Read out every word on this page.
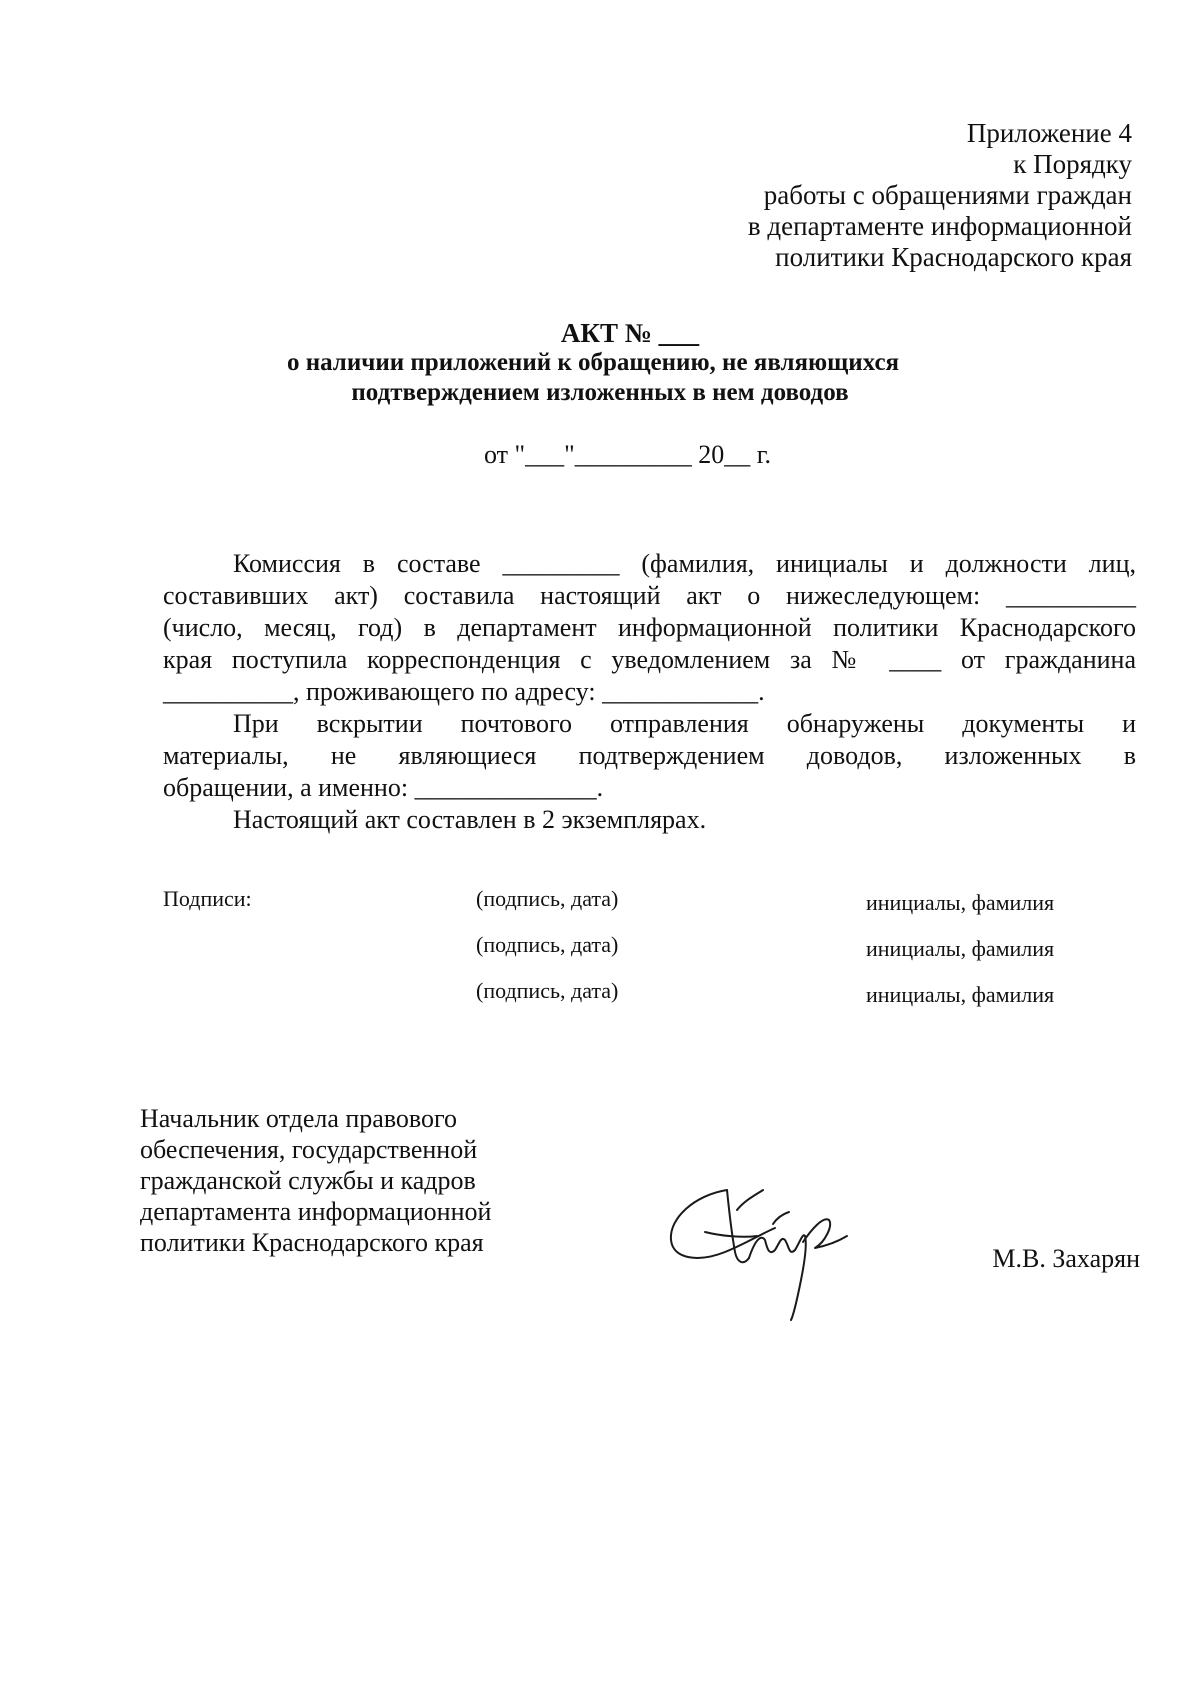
Приложение 4
к Порядку
работы с обращениями граждан
в департаменте информационной
политики Краснодарского края
АКТ № ___
о наличии приложений к обращению, не являющихся
подтверждением изложенных в нем доводов
от "___"_________ 20__ г.
Комиссия в составе _________ (фамилия, инициалы и должности лиц,
составивших акт) составила настоящий акт о нижеследующем: __________
(число, месяц, год) в департамент информационной политики Краснодарского
края поступила корреспонденция с уведомлением за № ____ от гражданина
__________, проживающего по адресу: ____________.
При вскрытии почтового отправления обнаружены документы и
материалы, не являющиеся подтверждением доводов, изложенных в
обращении, а именно: ______________.
Настоящий акт составлен в 2 экземплярах.
Подписи:	(подпись, дата)	инициалы, фамилия
(подпись, дата)	инициалы, фамилия
(подпись, дата)	инициалы, фамилия
Начальник отдела правового
обеспечения, государственной
гражданской службы и кадров
департамента информационной
политики Краснодарского края
М.В. Захарян
